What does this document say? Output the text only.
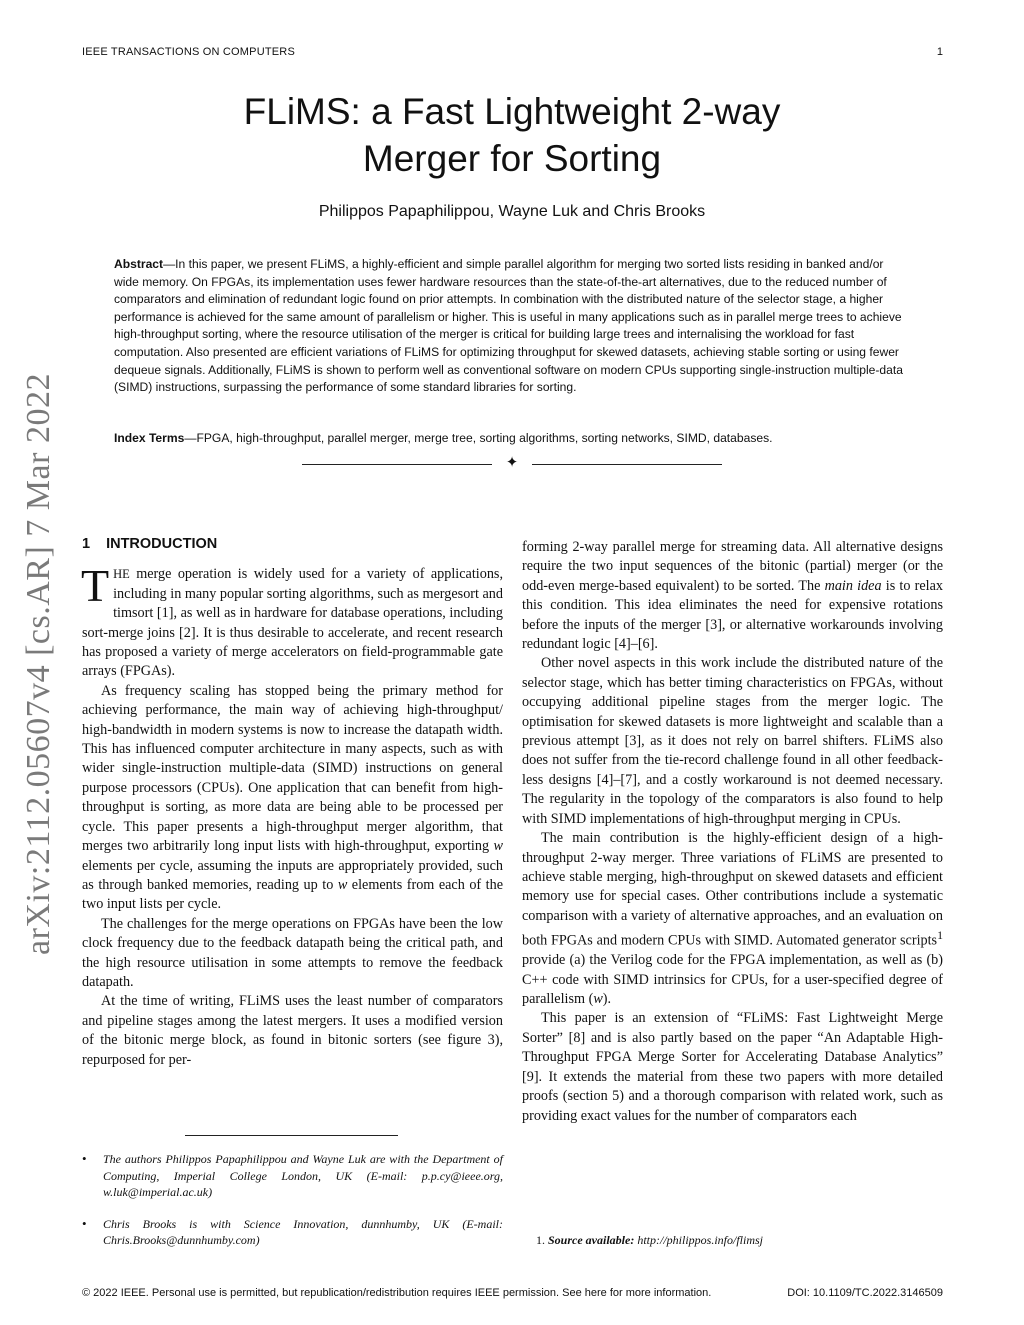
IEEE TRANSACTIONS ON COMPUTERS	1
arXiv:2112.05607v4 [cs.AR] 7 Mar 2022
FLiMS: a Fast Lightweight 2-way
Merger for Sorting
Philippos Papaphilippou, Wayne Luk and Chris Brooks

Abstract—In this paper, we present FLiMS, a highly-efficient and simple parallel algorithm for merging two sorted lists residing in banked and/or wide memory. On FPGAs, its implementation uses fewer hardware resources than the state-of-the-art alternatives, due to the reduced number of comparators and elimination of redundant logic found on prior attempts. In combination with the distributed nature of the selector stage, a higher performance is achieved for the same amount of parallelism or higher. This is useful in many applications such as in parallel merge trees to achieve high-throughput sorting, where the resource utilisation of the merger is critical for building large trees and internalising the workload for fast computation. Also presented are efficient variations of FLiMS for optimizing throughput for skewed datasets, achieving stable sorting or using fewer dequeue signals. Additionally, FLiMS is shown to perform well as conventional software on modern CPUs supporting single-instruction multiple-data (SIMD) instructions, surpassing the performance of some standard libraries for sorting.

Index Terms—FPGA, high-throughput, parallel merger, merge tree, sorting algorithms, sorting networks, SIMD, databases.

✦
1 INTRODUCTION

THE merge operation is widely used for a variety of applications, including in many popular sorting algorithms, such as mergesort and timsort [1], as well as in hardware for database operations, including sort-merge joins [2]. It is thus desirable to accelerate, and recent research has proposed a variety of merge accelerators on field-programmable gate arrays (FPGAs).

As frequency scaling has stopped being the primary method for achieving performance, the main way of achieving high-throughput/ high-bandwidth in modern systems is now to increase the datapath width. This has influenced computer architecture in many aspects, such as with wider single-instruction multiple-data (SIMD) instructions on general purpose processors (CPUs). One application that can benefit from high-throughput is sorting, as more data are being able to be processed per cycle. This paper presents a high-throughput merger algorithm, that merges two arbitrarily long input lists with high-throughput, exporting w elements per cycle, assuming the inputs are appropriately provided, such as through banked memories, reading up to w elements from each of the two input lists per cycle.

The challenges for the merge operations on FPGAs have been the low clock frequency due to the feedback datapath being the critical path, and the high resource utilisation in some attempts to remove the feedback datapath.

At the time of writing, FLiMS uses the least number of comparators and pipeline stages among the latest mergers. It uses a modified version of the bitonic merge block, as found in bitonic sorters (see figure 3), repurposed for per-

• The authors Philippos Papaphilippou and Wayne Luk are with the Department of Computing, Imperial College London, UK (E-mail: p.p.cy@ieee.org, w.luk@imperial.ac.uk)
• Chris Brooks is with Science Innovation, dunnhumby, UK (E-mail: Chris.Brooks@dunnhumby.com)

forming 2-way parallel merge for streaming data. All alternative designs require the two input sequences of the bitonic (partial) merger (or the odd-even merge-based equivalent) to be sorted. The main idea is to relax this condition. This idea eliminates the need for expensive rotations before the inputs of the merger [3], or alternative workarounds involving redundant logic [4]–[6].

Other novel aspects in this work include the distributed nature of the selector stage, which has better timing characteristics on FPGAs, without occupying additional pipeline stages from the merger logic. The optimisation for skewed datasets is more lightweight and scalable than a previous attempt [3], as it does not rely on barrel shifters. FLiMS also does not suffer from the tie-record challenge found in all other feedback-less designs [4]–[7], and a costly workaround is not deemed necessary. The regularity in the topology of the comparators is also found to help with SIMD implementations of high-throughput merging in CPUs.

The main contribution is the highly-efficient design of a high-throughput 2-way merger. Three variations of FLiMS are presented to achieve stable merging, high-throughput on skewed datasets and efficient memory use for special cases. Other contributions include a systematic comparison with a variety of alternative approaches, and an evaluation on both FPGAs and modern CPUs with SIMD. Automated generator scripts$^1$ provide (a) the Verilog code for the FPGA implementation, as well as (b) C++ code with SIMD intrinsics for CPUs, for a user-specified degree of parallelism (w).

This paper is an extension of “FLiMS: Fast Lightweight Merge Sorter” [8] and is also partly based on the paper “An Adaptable High-Throughput FPGA Merge Sorter for Accelerating Database Analytics” [9]. It extends the material from these two papers with more detailed proofs (section 5) and a thorough comparison with related work, such as providing exact values for the number of comparators each

1. Source available: http://philippos.info/flimsj
© 2022 IEEE. Personal use is permitted, but republication/redistribution requires IEEE permission. See here for more information.	DOI: 10.1109/TC.2022.3146509
